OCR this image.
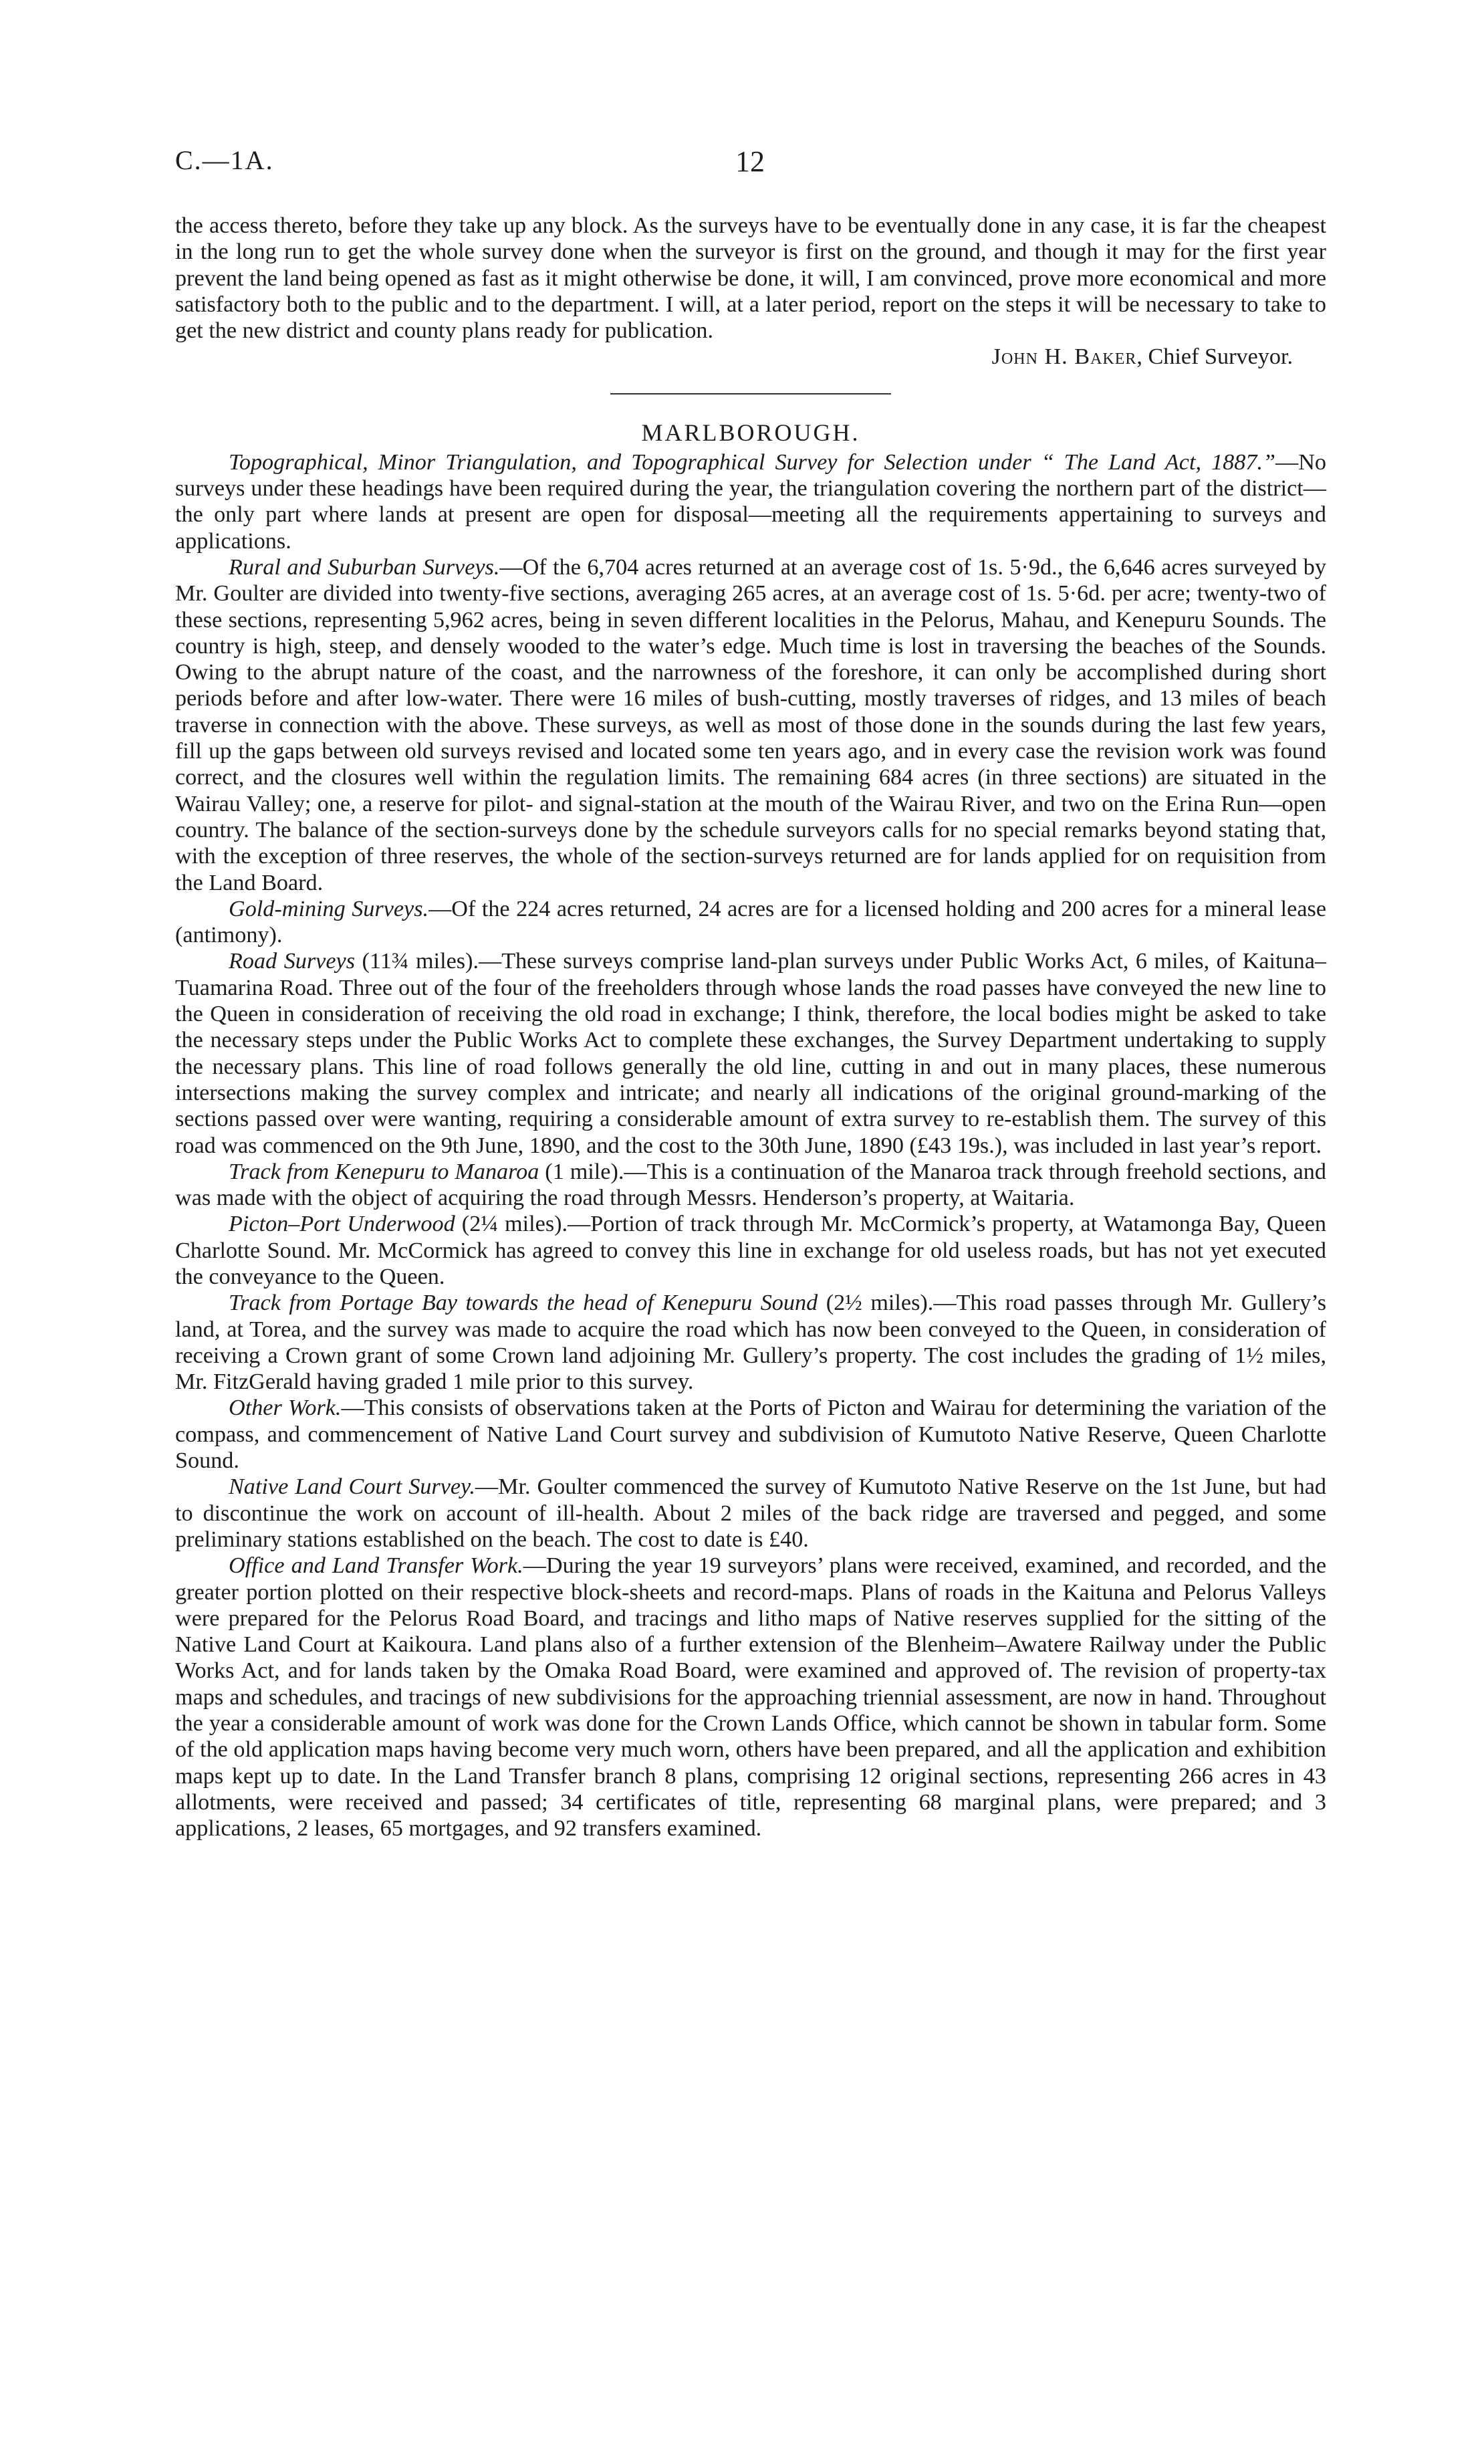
C.—1A.	12

the access thereto, before they take up any block. As the surveys have to be eventually done in any case, it is far the cheapest in the long run to get the whole survey done when the surveyor is first on the ground, and though it may for the first year prevent the land being opened as fast as it might otherwise be done, it will, I am convinced, prove more economical and more satisfactory both to the public and to the department. I will, at a later period, report on the steps it will be necessary to take to get the new district and county plans ready for publication.

John H. Baker, Chief Surveyor.
MARLBOROUGH.

Topographical, Minor Triangulation, and Topographical Survey for Selection under “ The Land Act, 1887.”—No surveys under these headings have been required during the year, the triangulation covering the northern part of the district—the only part where lands at present are open for disposal—meeting all the requirements appertaining to surveys and applications.

Rural and Suburban Surveys.—Of the 6,704 acres returned at an average cost of 1s. 5·9d., the 6,646 acres surveyed by Mr. Goulter are divided into twenty-five sections, averaging 265 acres, at an average cost of 1s. 5·6d. per acre; twenty-two of these sections, representing 5,962 acres, being in seven different localities in the Pelorus, Mahau, and Kenepuru Sounds. The country is high, steep, and densely wooded to the water’s edge. Much time is lost in traversing the beaches of the Sounds. Owing to the abrupt nature of the coast, and the narrowness of the foreshore, it can only be accomplished during short periods before and after low-water. There were 16 miles of bush-cutting, mostly traverses of ridges, and 13 miles of beach traverse in connection with the above. These surveys, as well as most of those done in the sounds during the last few years, fill up the gaps between old surveys revised and located some ten years ago, and in every case the revision work was found correct, and the closures well within the regulation limits. The remaining 684 acres (in three sections) are situated in the Wairau Valley; one, a reserve for pilot- and signal-station at the mouth of the Wairau River, and two on the Erina Run—open country. The balance of the section-surveys done by the schedule surveyors calls for no special remarks beyond stating that, with the exception of three reserves, the whole of the section-surveys returned are for lands applied for on requisition from the Land Board.

Gold-mining Surveys.—Of the 224 acres returned, 24 acres are for a licensed holding and 200 acres for a mineral lease (antimony).

Road Surveys (11¾ miles).—These surveys comprise land-plan surveys under Public Works Act, 6 miles, of Kaituna–Tuamarina Road. Three out of the four of the freeholders through whose lands the road passes have conveyed the new line to the Queen in consideration of receiving the old road in exchange; I think, therefore, the local bodies might be asked to take the necessary steps under the Public Works Act to complete these exchanges, the Survey Department undertaking to supply the necessary plans. This line of road follows generally the old line, cutting in and out in many places, these numerous intersections making the survey complex and intricate; and nearly all indications of the original ground-marking of the sections passed over were wanting, requiring a considerable amount of extra survey to re-establish them. The survey of this road was commenced on the 9th June, 1890, and the cost to the 30th June, 1890 (£43 19s.), was included in last year’s report.

Track from Kenepuru to Manaroa (1 mile).—This is a continuation of the Manaroa track through freehold sections, and was made with the object of acquiring the road through Messrs. Henderson’s property, at Waitaria.

Picton–Port Underwood (2¼ miles).—Portion of track through Mr. McCormick’s property, at Watamonga Bay, Queen Charlotte Sound. Mr. McCormick has agreed to convey this line in exchange for old useless roads, but has not yet executed the conveyance to the Queen.

Track from Portage Bay towards the head of Kenepuru Sound (2½ miles).—This road passes through Mr. Gullery’s land, at Torea, and the survey was made to acquire the road which has now been conveyed to the Queen, in consideration of receiving a Crown grant of some Crown land adjoining Mr. Gullery’s property. The cost includes the grading of 1½ miles, Mr. FitzGerald having graded 1 mile prior to this survey.

Other Work.—This consists of observations taken at the Ports of Picton and Wairau for determining the variation of the compass, and commencement of Native Land Court survey and subdivision of Kumutoto Native Reserve, Queen Charlotte Sound.

Native Land Court Survey.—Mr. Goulter commenced the survey of Kumutoto Native Reserve on the 1st June, but had to discontinue the work on account of ill-health. About 2 miles of the back ridge are traversed and pegged, and some preliminary stations established on the beach. The cost to date is £40.

Office and Land Transfer Work.—During the year 19 surveyors’ plans were received, examined, and recorded, and the greater portion plotted on their respective block-sheets and record-maps. Plans of roads in the Kaituna and Pelorus Valleys were prepared for the Pelorus Road Board, and tracings and litho maps of Native reserves supplied for the sitting of the Native Land Court at Kaikoura. Land plans also of a further extension of the Blenheim–Awatere Railway under the Public Works Act, and for lands taken by the Omaka Road Board, were examined and approved of. The revision of property-tax maps and schedules, and tracings of new subdivisions for the approaching triennial assessment, are now in hand. Throughout the year a considerable amount of work was done for the Crown Lands Office, which cannot be shown in tabular form. Some of the old application maps having become very much worn, others have been prepared, and all the application and exhibition maps kept up to date. In the Land Transfer branch 8 plans, comprising 12 original sections, representing 266 acres in 43 allotments, were received and passed; 34 certificates of title, representing 68 marginal plans, were prepared; and 3 applications, 2 leases, 65 mortgages, and 92 transfers examined.
